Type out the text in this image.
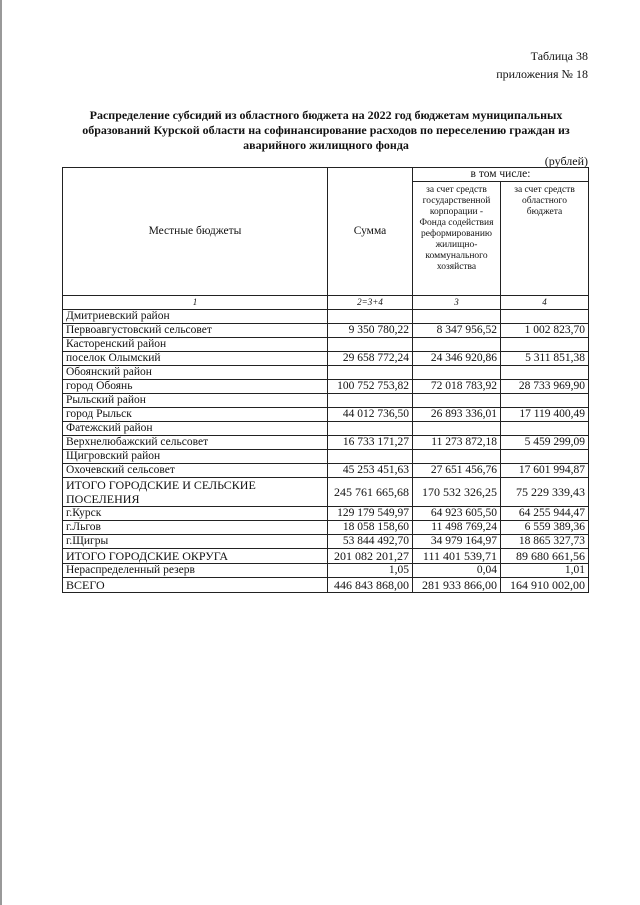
Таблица 38
приложения № 18
Распределение субсидий из областного бюджета на 2022 год бюджетам муниципальных образований Курской области на софинансирование расходов по переселению граждан из аварийного жилищного фонда
(рублей)
Местные бюджеты	Сумма	в том числе:	
		за счет средств государственной корпорации - Фонда содействия реформированию жилищно-коммунального хозяйства	за счет средств областного бюджета
1	2=3+4	3	4
Дмитриевский район			
Первоавгустовский сельсовет	9 350 780,22	8 347 956,52	1 002 823,70
Касторенский район			
поселок Олымский	29 658 772,24	24 346 920,86	5 311 851,38
Обоянский район			
город Обоянь	100 752 753,82	72 018 783,92	28 733 969,90
Рыльский район			
город Рыльск	44 012 736,50	26 893 336,01	17 119 400,49
Фатежский район			
Верхнелюбажский сельсовет	16 733 171,27	11 273 872,18	5 459 299,09
Щигровский район			
Охочевский сельсовет	45 253 451,63	27 651 456,76	17 601 994,87
ИТОГО ГОРОДСКИЕ И СЕЛЬСКИЕ ПОСЕЛЕНИЯ	245 761 665,68	170 532 326,25	75 229 339,43
г.Курск	129 179 549,97	64 923 605,50	64 255 944,47
г.Льгов	18 058 158,60	11 498 769,24	6 559 389,36
г.Щигры	53 844 492,70	34 979 164,97	18 865 327,73
ИТОГО ГОРОДСКИЕ ОКРУГА	201 082 201,27	111 401 539,71	89 680 661,56
Нераспределенный резерв	1,05	0,04	1,01
ВСЕГО	446 843 868,00	281 933 866,00	164 910 002,00
